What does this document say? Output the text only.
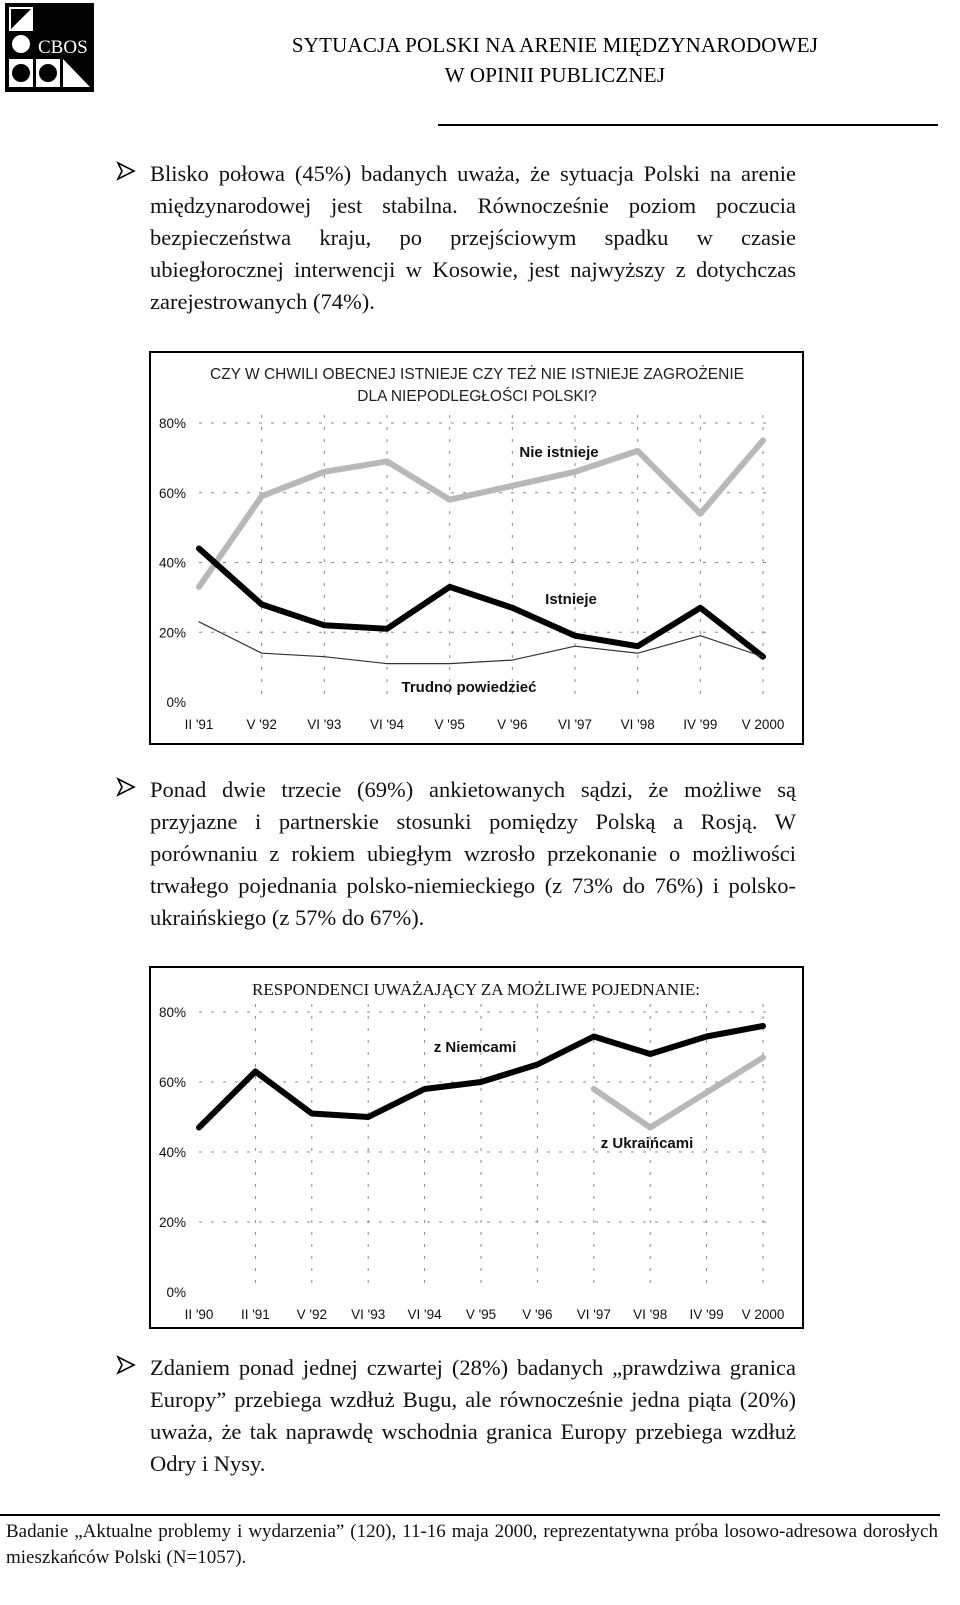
CBOS	SYTUACJA POLSKI NA ARENIE MIĘDZYNARODOWEJ
W OPINII PUBLICZNEJ
Blisko połowa (45%) badanych uważa, że sytuacja Polski na arenie międzynarodowej jest stabilna. Równocześnie poziom poczucia bezpieczeństwa kraju, po przejściowym spadku w czasie ubiegłorocznej interwencji w Kosowie, jest najwyższy z dotychczas zarejestrowanych (74%).
0%
20%
40%
60%
80%
II '91 V '92 VI '93 VI '94 V '95 V '96 VI '97 VI '98 IV '99 V 2000
CZY W CHWILI OBECNEJ ISTNIEJE CZY TEŻ NIE ISTNIEJE ZAGROŻENIE
DLA NIEPODLEGŁOŚCI POLSKI?
Nie istnieje
Istnieje
Trudno powiedzieć
Ponad dwie trzecie (69%) ankietowanych sądzi, że możliwe są przyjazne i partnerskie stosunki pomiędzy Polską a Rosją. W porównaniu z rokiem ubiegłym wzrosło przekonanie o możliwości trwałego pojednania polsko-niemieckiego (z 73% do 76%) i polsko-ukraińskiego (z 57% do 67%).
0%
20%
40%
60%
80%
II '90 II '91 V '92 VI '93 VI '94 V '95 V '96 VI '97 VI '98 IV '99 V 2000
RESPONDENCI UWAŻAJĄCY ZA MOŻLIWE POJEDNANIE:
z Niemcami
z Ukraińcami
Zdaniem ponad jednej czwartej (28%) badanych „prawdziwa granica Europy” przebiega wzdłuż Bugu, ale równocześnie jedna piąta (20%) uważa, że tak naprawdę wschodnia granica Europy przebiega wzdłuż Odry i Nysy.
Badanie „Aktualne problemy i wydarzenia” (120), 11-16 maja 2000, reprezentatywna próba losowo-adresowa dorosłych mieszkańców Polski (N=1057).
